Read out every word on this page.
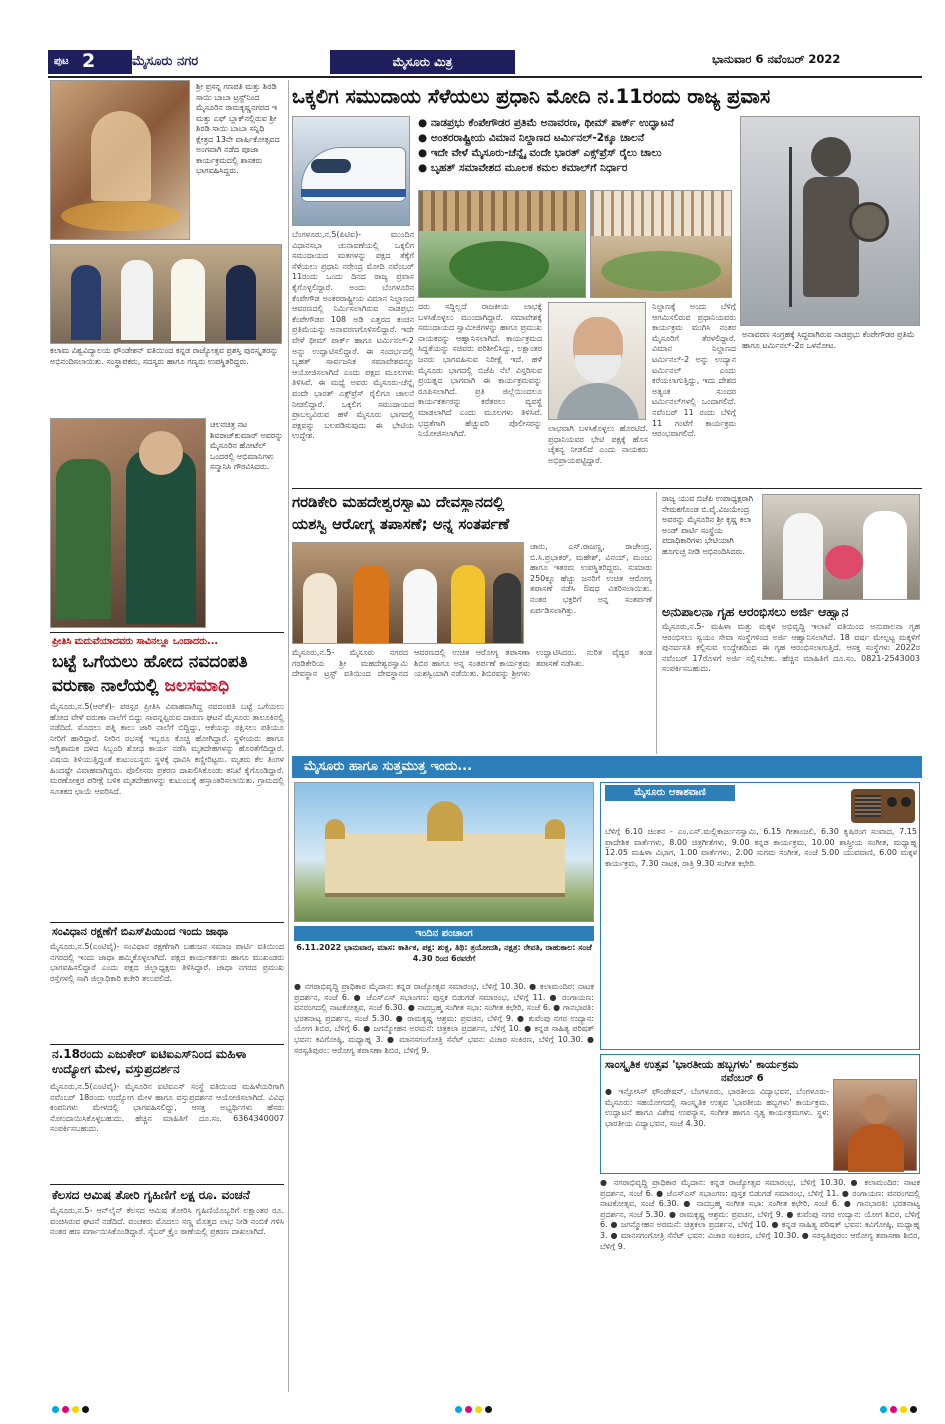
ಪುಟ 2	ಮೈಸೂರು ನಗರ	ಮೈಸೂರು ಮಿತ್ರ	ಭಾನುವಾರ 6 ನವೆಂಬರ್ 2022
ಶ್ರೀ ಪ್ರಸನ್ನ ಗಣಪತಿ ಮತ್ತು ಶಿರಡಿ ಸಾಯಿ ಬಾಬಾ ಟ್ರಸ್ಟ್‌ನಿಂದ ಮೈಸೂರಿನ ರಾಮಕೃಷ್ಣನಗರದ ಇ ಮತ್ತು ಎಫ್ ಬ್ಲಾಕ್‌ನಲ್ಲಿರುವ ಶ್ರೀ ಶಿರಡಿ ಸಾಯಿ ಬಾಬಾ ಸನ್ನಿಧಿ ಕ್ಷೇತ್ರದ 13ನೇ ವಾರ್ಷಿಕೋತ್ಸವದ ಅಂಗವಾಗಿ ನಡೆದ ಪೂಜಾ ಕಾರ್ಯಕ್ರಮದಲ್ಲಿ ಶಾಸಕರು ಭಾಗವಹಿಸಿದ್ದರು.
ಕಲಾಮ ವಿಶ್ವವಿದ್ಯಾಲಯ ಫೌಂಡೇಶನ್ ವತಿಯಿಂದ ಕನ್ನಡ ರಾಜ್ಯೋತ್ಸವ ಪ್ರಶಸ್ತಿ ಪುರಸ್ಕೃತರನ್ನು ಅಭಿನಂದಿಸಲಾಯಿತು. ಸಂಸ್ಥಾಪಕರು, ಸದಸ್ಯರು ಹಾಗೂ ಗಣ್ಯರು ಉಪಸ್ಥಿತರಿದ್ದರು.
ಚಲನಚಿತ್ರ ನಟ ಶಿವರಾಜ್‌ಕುಮಾರ್ ಅವರನ್ನು ಮೈಸೂರಿನ ಹೋಟೆಲ್ ಒಂದರಲ್ಲಿ ಅಭಿಮಾನಿಗಳು ಸನ್ಮಾನಿಸಿ ಗೌರವಿಸಿದರು.
ಪ್ರೀತಿಸಿ ಮದುವೆಯಾದವರು ಸಾವಿನಲ್ಲೂ ಒಂದಾದರು...
ಬಟ್ಟೆ ಒಗೆಯಲು ಹೋದ ನವದಂಪತಿ
ವರುಣಾ ನಾಲೆಯಲ್ಲಿ ಜಲಸಮಾಧಿ
ಮೈಸೂರು,ನ.5(ಆರ್‌ಕೆ)- ಪರಸ್ಪರ ಪ್ರೀತಿಸಿ ವಿವಾಹವಾಗಿದ್ದ ನವದಂಪತಿ ಬಟ್ಟೆ ಒಗೆಯಲು ಹೋದ ವೇಳೆ ವರುಣಾ ನಾಲೆಗೆ ಬಿದ್ದು ಸಾವನ್ನಪ್ಪಿರುವ ದಾರುಣ ಘಟನೆ ಮೈಸೂರು ತಾಲೂಕಿನಲ್ಲಿ ನಡೆದಿದೆ. ಮೊದಲು ಪತ್ನಿ ಕಾಲು ಜಾರಿ ನಾಲೆಗೆ ಬಿದ್ದಿದ್ದು, ಆಕೆಯನ್ನು ರಕ್ಷಿಸಲು ಪತಿಯೂ ನೀರಿಗೆ ಹಾರಿದ್ದಾರೆ. ನೀರಿನ ರಭಸಕ್ಕೆ ಇಬ್ಬರೂ ಕೊಚ್ಚಿ ಹೋಗಿದ್ದಾರೆ. ಸ್ಥಳೀಯರು ಹಾಗೂ ಅಗ್ನಿಶಾಮಕ ದಳದ ಸಿಬ್ಬಂದಿ ಶೋಧ ಕಾರ್ಯ ನಡೆಸಿ ಮೃತದೇಹಗಳನ್ನು ಹೊರತೆಗೆದಿದ್ದಾರೆ. ವಿಷಯ ತಿಳಿಯುತ್ತಿದ್ದಂತೆ ಕುಟುಂಬಸ್ಥರು ಸ್ಥಳಕ್ಕೆ ಧಾವಿಸಿ ಕಣ್ಣೀರಿಟ್ಟರು. ಮೃತರು ಕೆಲ ತಿಂಗಳ ಹಿಂದಷ್ಟೇ ವಿವಾಹವಾಗಿದ್ದರು. ಪೊಲೀಸರು ಪ್ರಕರಣ ದಾಖಲಿಸಿಕೊಂಡು ತನಿಖೆ ಕೈಗೊಂಡಿದ್ದಾರೆ. ಮರಣೋತ್ತರ ಪರೀಕ್ಷೆ ಬಳಿಕ ಮೃತದೇಹಗಳನ್ನು ಕುಟುಂಬಕ್ಕೆ ಹಸ್ತಾಂತರಿಸಲಾಯಿತು. ಗ್ರಾಮದಲ್ಲಿ ಸೂತಕದ ಛಾಯೆ ಆವರಿಸಿದೆ.
ಸಂವಿಧಾನ ರಕ್ಷಣೆಗೆ ಬಿಎಸ್‌ಪಿಯಿಂದ ಇಂದು ಜಾಥಾ
ಮೈಸೂರು,ನ.5(ಎಂಟಿವೈ)- ಸಂವಿಧಾನ ರಕ್ಷಣೆಗಾಗಿ ಬಹುಜನ ಸಮಾಜ ಪಾರ್ಟಿ ವತಿಯಿಂದ ನಗರದಲ್ಲಿ ಇಂದು ಜಾಥಾ ಹಮ್ಮಿಕೊಳ್ಳಲಾಗಿದೆ. ಪಕ್ಷದ ಕಾರ್ಯಕರ್ತರು ಹಾಗೂ ಮುಖಂಡರು ಭಾಗವಹಿಸಲಿದ್ದಾರೆ ಎಂದು ಪಕ್ಷದ ಜಿಲ್ಲಾಧ್ಯಕ್ಷರು ತಿಳಿಸಿದ್ದಾರೆ. ಜಾಥಾ ನಗರದ ಪ್ರಮುಖ ರಸ್ತೆಗಳಲ್ಲಿ ಸಾಗಿ ಜಿಲ್ಲಾಧಿಕಾರಿ ಕಚೇರಿ ತಲುಪಲಿದೆ.
ನ.18ರಂದು ಎಜುಕೇರ್ ಐಟಿಐಎಸ್‌ನಿಂದ ಮಹಿಳಾ ಉದ್ಯೋಗ ಮೇಳ, ವಸ್ತುಪ್ರದರ್ಶನ
ಮೈಸೂರು,ನ.5(ಎಂಟಿವೈ)- ಮೈಸೂರಿನ ಐಟಿಐಎಸ್ ಸಂಸ್ಥೆ ವತಿಯಿಂದ ಮಹಿಳೆಯರಿಗಾಗಿ ನವೆಂಬರ್ 18ರಂದು ಉದ್ಯೋಗ ಮೇಳ ಹಾಗೂ ವಸ್ತುಪ್ರದರ್ಶನ ಆಯೋಜಿಸಲಾಗಿದೆ. ವಿವಿಧ ಕಂಪನಿಗಳು ಮೇಳದಲ್ಲಿ ಭಾಗವಹಿಸಲಿದ್ದು, ಆಸಕ್ತ ಅಭ್ಯರ್ಥಿಗಳು ಹೆಸರು ನೋಂದಾಯಿಸಿಕೊಳ್ಳಬಹುದು. ಹೆಚ್ಚಿನ ಮಾಹಿತಿಗೆ ದೂ.ಸಂ. 6364340007 ಸಂಪರ್ಕಿಸಬಹುದು.
ಕೆಲಸದ ಆಮಿಷ ತೋರಿ ಗೃಹಿಣಿಗೆ ಲಕ್ಷ ರೂ. ವಂಚನೆ
ಮೈಸೂರು,ನ.5- ಆನ್‌ಲೈನ್ ಕೆಲಸದ ಆಮಿಷ ತೋರಿಸಿ ಗೃಹಿಣಿಯೊಬ್ಬರಿಗೆ ಲಕ್ಷಾಂತರ ರೂ. ವಂಚಿಸಿರುವ ಘಟನೆ ನಡೆದಿದೆ. ವಂಚಕರು ಮೊದಲು ಸಣ್ಣ ಮೊತ್ತದ ಲಾಭ ನೀಡಿ ನಂಬಿಕೆ ಗಳಿಸಿ ನಂತರ ಹಣ ವರ್ಗಾಯಿಸಿಕೊಂಡಿದ್ದಾರೆ. ಸೈಬರ್ ಕ್ರೈಂ ಠಾಣೆಯಲ್ಲಿ ಪ್ರಕರಣ ದಾಖಲಾಗಿದೆ.
ಒಕ್ಕಲಿಗ ಸಮುದಾಯ ಸೆಳೆಯಲು ಪ್ರಧಾನಿ ಮೋದಿ ನ.11ರಂದು ರಾಜ್ಯ ಪ್ರವಾಸ
● ನಾಡಪ್ರಭು ಕೆಂಪೇಗೌಡರ ಪ್ರತಿಮೆ ಅನಾವರಣ, ಥೀಮ್ ಪಾರ್ಕ್ ಉದ್ಘಾಟನೆ
● ಅಂತರರಾಷ್ಟ್ರೀಯ ವಿಮಾನ ನಿಲ್ದಾಣದ ಟರ್ಮಿನಲ್-2ಕ್ಕೂ ಚಾಲನೆ
● ಇದೇ ವೇಳೆ ಮೈಸೂರು-ಚೆನ್ನೈ ವಂದೇ ಭಾರತ್ ಎಕ್ಸ್‌ಪ್ರೆಸ್ ರೈಲು ಚಾಲು
● ಬೃಹತ್ ಸಮಾವೇಶದ ಮೂಲಕ ಕಮಲ ಕಮಾಲ್‌ಗೆ ನಿರ್ಧಾರ
ಅನಾವರಣ ಸಂಗ್ರಹಕ್ಕೆ ಸಿದ್ಧವಾಗಿರುವ ನಾಡಪ್ರಭು ಕೆಂಪೇಗೌಡರ ಪ್ರತಿಮೆ ಹಾಗೂ ಟರ್ಮಿನಲ್-2ರ ಒಳನೋಟ.
ಬೆಂಗಳೂರು,ನ.5(ಪಿಟಿಐ)- ಮುಂದಿನ ವಿಧಾನಸಭಾ ಚುನಾವಣೆಯಲ್ಲಿ ಒಕ್ಕಲಿಗ ಸಮುದಾಯದ ಮತಗಳನ್ನು ಪಕ್ಷದ ತೆಕ್ಕೆಗೆ ಸೆಳೆಯಲು ಪ್ರಧಾನಿ ನರೇಂದ್ರ ಮೋದಿ ನವೆಂಬರ್ 11ರಂದು ಒಂದು ದಿನದ ರಾಜ್ಯ ಪ್ರವಾಸ ಕೈಗೊಳ್ಳಲಿದ್ದಾರೆ. ಅಂದು ಬೆಂಗಳೂರಿನ ಕೆಂಪೇಗೌಡ ಅಂತರರಾಷ್ಟ್ರೀಯ ವಿಮಾನ ನಿಲ್ದಾಣದ ಆವರಣದಲ್ಲಿ ನಿರ್ಮಿಸಲಾಗಿರುವ ನಾಡಪ್ರಭು ಕೆಂಪೇಗೌಡರ 108 ಅಡಿ ಎತ್ತರದ ಕಂಚಿನ ಪ್ರತಿಮೆಯನ್ನು ಅನಾವರಣಗೊಳಿಸಲಿದ್ದಾರೆ. ಇದೇ ವೇಳೆ ಥೀಮ್ ಪಾರ್ಕ್ ಹಾಗೂ ಟರ್ಮಿನಲ್-2 ಅನ್ನು ಉದ್ಘಾಟಿಸಲಿದ್ದಾರೆ. ಈ ಸಂದರ್ಭದಲ್ಲಿ ಬೃಹತ್ ಸಾರ್ವಜನಿಕ ಸಮಾವೇಶವನ್ನೂ ಆಯೋಜಿಸಲಾಗಿದೆ ಎಂದು ಪಕ್ಷದ ಮೂಲಗಳು ತಿಳಿಸಿವೆ. ಈ ಮಧ್ಯೆ ಅವರು ಮೈಸೂರು-ಚೆನ್ನೈ ವಂದೇ ಭಾರತ್ ಎಕ್ಸ್‌ಪ್ರೆಸ್ ರೈಲಿಗೂ ಚಾಲನೆ ನೀಡಲಿದ್ದಾರೆ. ಒಕ್ಕಲಿಗ ಸಮುದಾಯದ ಪ್ರಾಬಲ್ಯವಿರುವ ಹಳೆ ಮೈಸೂರು ಭಾಗದಲ್ಲಿ ಪಕ್ಷವನ್ನು ಬಲಪಡಿಸುವುದು ಈ ಭೇಟಿಯ ಉದ್ದೇಶ.
ದರು ಸದ್ದಿಲ್ಲದೆ ರಾಜಕೀಯ ಲಾಭಕ್ಕೆ ಬಳಸಿಕೊಳ್ಳಲು ಮುಂದಾಗಿದ್ದಾರೆ. ಸಮಾವೇಶಕ್ಕೆ ಸಮುದಾಯದ ಸ್ವಾಮೀಜಿಗಳನ್ನು ಹಾಗೂ ಪ್ರಮುಖ ನಾಯಕರನ್ನು ಆಹ್ವಾನಿಸಲಾಗಿದೆ. ಕಾರ್ಯಕ್ರಮದ ಸಿದ್ಧತೆಯನ್ನು ಸಚಿವರು ಪರಿಶೀಲಿಸಿದ್ದು, ಲಕ್ಷಾಂತರ ಜನರು ಭಾಗವಹಿಸುವ ನಿರೀಕ್ಷೆ ಇದೆ. ಹಳೆ ಮೈಸೂರು ಭಾಗದಲ್ಲಿ ಬಿಜೆಪಿ ನೆಲೆ ವಿಸ್ತರಿಸುವ ಪ್ರಯತ್ನದ ಭಾಗವಾಗಿ ಈ ಕಾರ್ಯಕ್ರಮವನ್ನು ರೂಪಿಸಲಾಗಿದೆ. ಪ್ರತಿ ಜಿಲ್ಲೆಯಿಂದಲೂ ಕಾರ್ಯಕರ್ತರನ್ನು ಕರೆತರಲು ವ್ಯವಸ್ಥೆ ಮಾಡಲಾಗಿದೆ ಎಂದು ಮೂಲಗಳು ತಿಳಿಸಿವೆ. ಭದ್ರತೆಗಾಗಿ ಹೆಚ್ಚುವರಿ ಪೊಲೀಸರನ್ನು ನಿಯೋಜಿಸಲಾಗಿದೆ.
ಲಾಭವಾಗಿ ಬಳಸಿಕೊಳ್ಳಲು ಹೊರಟಿದೆ. ಪ್ರಧಾನಿಯವರ ಭೇಟಿ ಪಕ್ಷಕ್ಕೆ ಹೊಸ ಚೈತನ್ಯ ನೀಡಲಿದೆ ಎಂದು ನಾಯಕರು ಅಭಿಪ್ರಾಯಪಟ್ಟಿದ್ದಾರೆ.
ನಿಲ್ದಾಣಕ್ಕೆ ಅಂದು ಬೆಳಿಗ್ಗೆ ಆಗಮಿಸಲಿರುವ ಪ್ರಧಾನಿಯವರು ಕಾರ್ಯಕ್ರಮ ಮುಗಿಸಿ ನಂತರ ಮೈಸೂರಿಗೆ ತೆರಳಲಿದ್ದಾರೆ. ವಿಮಾನ ನಿಲ್ದಾಣದ ಟರ್ಮಿನಲ್-2 ಅನ್ನು ಉದ್ಯಾನ ಟರ್ಮಿನಲ್ ಎಂದು ಕರೆಯಲಾಗುತ್ತಿದ್ದು, ಇದು ದೇಶದ ಅತ್ಯಂತ ಸುಂದರ ಟರ್ಮಿನಲ್‌ಗಳಲ್ಲಿ ಒಂದಾಗಲಿದೆ. ನವೆಂಬರ್ 11 ರಂದು ಬೆಳಿಗ್ಗೆ 11 ಗಂಟೆಗೆ ಕಾರ್ಯಕ್ರಮ ಆರಂಭವಾಗಲಿದೆ.
ಗರಡಿಕೇರಿ ಮಹದೇಶ್ವರಸ್ವಾಮಿ ದೇವಸ್ಥಾನದಲ್ಲಿ
ಯಶಸ್ವಿ ಆರೋಗ್ಯ ತಪಾಸಣೆ; ಅನ್ನ ಸಂತರ್ಪಣೆ
ಚಾರು, ಎಸ್.ರಾಜಣ್ಣ, ರಾಜೇಂದ್ರ, ಬಿ.ಸಿ.ಪ್ರಭಾಕರ್, ಮಹೇಶ್, ವಿನಯ್, ಮಂಜು ಹಾಗೂ ಇತರರು ಉಪಸ್ಥಿತರಿದ್ದರು. ಸುಮಾರು 250ಕ್ಕೂ ಹೆಚ್ಚು ಜನರಿಗೆ ಉಚಿತ ಆರೋಗ್ಯ ತಪಾಸಣೆ ನಡೆಸಿ ಔಷಧ ವಿತರಿಸಲಾಯಿತು. ನಂತರ ಭಕ್ತರಿಗೆ ಅನ್ನ ಸಂತರ್ಪಣೆ ಏರ್ಪಡಿಸಲಾಗಿತ್ತು.
ಮೈಸೂರು,ನ.5- ಮೈಸೂರು ನಗರದ ಗರಡಿಕೇರಿಯ ಶ್ರೀ ಮಹದೇಶ್ವರಸ್ವಾಮಿ ದೇವಸ್ಥಾನ ಟ್ರಸ್ಟ್ ವತಿಯಿಂದ ದೇವಸ್ಥಾನದ ಆವರಣದಲ್ಲಿ ಉಚಿತ ಆರೋಗ್ಯ ತಪಾಸಣಾ ಶಿಬಿರ ಹಾಗೂ ಅನ್ನ ಸಂತರ್ಪಣೆ ಕಾರ್ಯಕ್ರಮ ಯಶಸ್ವಿಯಾಗಿ ನಡೆಯಿತು. ಶಿಬಿರವನ್ನು ಶ್ರೀಗಳು ಉದ್ಘಾಟಿಸಿದರು. ನುರಿತ ವೈದ್ಯರ ತಂಡ ತಪಾಸಣೆ ನಡೆಸಿತು.
ರಾಜ್ಯ ಯುವ ಬಿಜೆಪಿ ಉಪಾಧ್ಯಕ್ಷರಾಗಿ ನೇಮಕಗೊಂಡ ಬಿ.ವೈ.ವಿಜಯೇಂದ್ರ ಅವರನ್ನು ಮೈಸೂರಿನ ಶ್ರೀ ಕೃಷ್ಣ ಕಲಾ ಅಂಡ್ ಪಾರ್ಟಿ ಸಂಸ್ಥೆಯ ಪದಾಧಿಕಾರಿಗಳು ಭೇಟಿಯಾಗಿ ಹೂಗುಚ್ಛ ನೀಡಿ ಅಭಿನಂದಿಸಿದರು.
ಅನುಪಾಲನಾ ಗೃಹ ಆರಂಭಿಸಲು ಅರ್ಜಿ ಆಹ್ವಾನ
ಮೈಸೂರು,ನ.5- ಮಹಿಳಾ ಮತ್ತು ಮಕ್ಕಳ ಅಭಿವೃದ್ಧಿ ಇಲಾಖೆ ವತಿಯಿಂದ ಅನುಪಾಲನಾ ಗೃಹ ಆರಂಭಿಸಲು ಸ್ವಯಂ ಸೇವಾ ಸಂಸ್ಥೆಗಳಿಂದ ಅರ್ಜಿ ಆಹ್ವಾನಿಸಲಾಗಿದೆ. 18 ವರ್ಷ ಮೇಲ್ಪಟ್ಟ ಮಕ್ಕಳಿಗೆ ಪುನರ್ವಸತಿ ಕಲ್ಪಿಸುವ ಉದ್ದೇಶದಿಂದ ಈ ಗೃಹ ಆರಂಭಿಸಲಾಗುತ್ತಿದೆ. ಆಸಕ್ತ ಸಂಸ್ಥೆಗಳು 2022ರ ನವೆಂಬರ್ 17ರೊಳಗೆ ಅರ್ಜಿ ಸಲ್ಲಿಸಬೇಕು. ಹೆಚ್ಚಿನ ಮಾಹಿತಿಗೆ ದೂ.ಸಂ. 0821-2543003 ಸಂಪರ್ಕಿಸಬಹುದು.
ಮೈಸೂರು ಹಾಗೂ ಸುತ್ತಮುತ್ತ ಇಂದು...
ಇಂದಿನ ಪಂಚಾಂಗ
6.11.2022 ಭಾನುವಾರ, ಮಾಸ: ಕಾರ್ತಿಕ, ಪಕ್ಷ: ಶುಕ್ಲ, ತಿಥಿ: ತ್ರಯೋದಶಿ, ನಕ್ಷತ್ರ: ರೇವತಿ, ರಾಹುಕಾಲ: ಸಂಜೆ 4.30 ರಿಂದ 6ರವರೆಗೆ
● ನಗರಾಭಿವೃದ್ಧಿ ಪ್ರಾಧಿಕಾರ ಮೈದಾನ: ಕನ್ನಡ ರಾಜ್ಯೋತ್ಸವ ಸಮಾರಂಭ, ಬೆಳಿಗ್ಗೆ 10.30. ● ಕಲಾಮಂದಿರ: ನಾಟಕ ಪ್ರದರ್ಶನ, ಸಂಜೆ 6. ● ಜೆಎಸ್‌ಎಸ್ ಸಭಾಂಗಣ: ಪುಸ್ತಕ ಬಿಡುಗಡೆ ಸಮಾರಂಭ, ಬೆಳಿಗ್ಗೆ 11. ● ರಂಗಾಯಣ: ವನರಂಗದಲ್ಲಿ ನಾಟಕೋತ್ಸವ, ಸಂಜೆ 6.30. ● ನಾದಬ್ರಹ್ಮ ಸಂಗೀತ ಸಭಾ: ಸಂಗೀತ ಕಛೇರಿ, ಸಂಜೆ 6. ● ಗಾನಭಾರತಿ: ಭರತನಾಟ್ಯ ಪ್ರದರ್ಶನ, ಸಂಜೆ 5.30. ● ರಾಮಕೃಷ್ಣ ಆಶ್ರಮ: ಪ್ರವಚನ, ಬೆಳಿಗ್ಗೆ 9. ● ಕುವೆಂಪು ನಗರ ಉದ್ಯಾನ: ಯೋಗ ಶಿಬಿರ, ಬೆಳಿಗ್ಗೆ 6. ● ಜಗನ್ಮೋಹನ ಅರಮನೆ: ಚಿತ್ರಕಲಾ ಪ್ರದರ್ಶನ, ಬೆಳಿಗ್ಗೆ 10. ● ಕನ್ನಡ ಸಾಹಿತ್ಯ ಪರಿಷತ್ ಭವನ: ಕವಿಗೋಷ್ಠಿ, ಮಧ್ಯಾಹ್ನ 3. ● ಮಾನಸಗಂಗೋತ್ರಿ ಸೆನೆಟ್ ಭವನ: ವಿಚಾರ ಸಂಕಿರಣ, ಬೆಳಿಗ್ಗೆ 10.30. ● ಸರಸ್ವತಿಪುರಂ: ಆರೋಗ್ಯ ತಪಾಸಣಾ ಶಿಬಿರ, ಬೆಳಿಗ್ಗೆ 9.
ಮೈಸೂರು ಆಕಾಶವಾಣಿ
ಬೆಳಿಗ್ಗೆ 6.10 ಚಿಂತನ - ಎಂ.ಎಸ್.ಮಲ್ಲಿಕಾರ್ಜುನಸ್ವಾಮಿ, 6.15 ಗೀತಾಂಜಲಿ, 6.30 ಕೃಷಿರಂಗ ಸಂವಾದ, 7.15 ಪ್ರಾದೇಶಿಕ ವಾರ್ತೆಗಳು, 8.00 ಚಿತ್ರಗೀತೆಗಳು, 9.00 ಕನ್ನಡ ಕಾರ್ಯಕ್ರಮ, 10.00 ಶಾಸ್ತ್ರೀಯ ಸಂಗೀತ, ಮಧ್ಯಾಹ್ನ 12.05 ಮಹಿಳಾ ವಿಭಾಗ, 1.00 ವಾರ್ತೆಗಳು, 2.00 ಸುಗಮ ಸಂಗೀತ, ಸಂಜೆ 5.00 ಯುವವಾಣಿ, 6.00 ಮಕ್ಕಳ ಕಾರ್ಯಕ್ರಮ, 7.30 ನಾಟಕ, ರಾತ್ರಿ 9.30 ಸಂಗೀತ ಕಛೇರಿ.
ಸಾಂಸ್ಕೃತಿಕ ಉತ್ಸವ 'ಭಾರತೀಯ ಹಬ್ಬಗಳು' ಕಾರ್ಯಕ್ರಮ
ನವೆಂಬರ್ 6
● ಇನ್ಫೋಸಿಸ್ ಫೌಂಡೇಷನ್, ಬೆಂಗಳೂರು, ಭಾರತೀಯ ವಿದ್ಯಾಭವನ, ಬೆಂಗಳೂರು-ಮೈಸೂರು: ಸಹಯೋಗದಲ್ಲಿ ಸಾಂಸ್ಕೃತಿಕ ಉತ್ಸವ 'ಭಾರತೀಯ ಹಬ್ಬಗಳು' ಕಾರ್ಯಕ್ರಮ. ಉದ್ಘಾಟನೆ ಹಾಗೂ ವಿಶೇಷ ಉಪನ್ಯಾಸ, ಸಂಗೀತ ಹಾಗೂ ನೃತ್ಯ ಕಾರ್ಯಕ್ರಮಗಳು. ಸ್ಥಳ: ಭಾರತೀಯ ವಿದ್ಯಾಭವನ, ಸಂಜೆ 4.30.
● ನಗರಾಭಿವೃದ್ಧಿ ಪ್ರಾಧಿಕಾರ ಮೈದಾನ: ಕನ್ನಡ ರಾಜ್ಯೋತ್ಸವ ಸಮಾರಂಭ, ಬೆಳಿಗ್ಗೆ 10.30. ● ಕಲಾಮಂದಿರ: ನಾಟಕ ಪ್ರದರ್ಶನ, ಸಂಜೆ 6. ● ಜೆಎಸ್‌ಎಸ್ ಸಭಾಂಗಣ: ಪುಸ್ತಕ ಬಿಡುಗಡೆ ಸಮಾರಂಭ, ಬೆಳಿಗ್ಗೆ 11. ● ರಂಗಾಯಣ: ವನರಂಗದಲ್ಲಿ ನಾಟಕೋತ್ಸವ, ಸಂಜೆ 6.30. ● ನಾದಬ್ರಹ್ಮ ಸಂಗೀತ ಸಭಾ: ಸಂಗೀತ ಕಛೇರಿ, ಸಂಜೆ 6. ● ಗಾನಭಾರತಿ: ಭರತನಾಟ್ಯ ಪ್ರದರ್ಶನ, ಸಂಜೆ 5.30. ● ರಾಮಕೃಷ್ಣ ಆಶ್ರಮ: ಪ್ರವಚನ, ಬೆಳಿಗ್ಗೆ 9. ● ಕುವೆಂಪು ನಗರ ಉದ್ಯಾನ: ಯೋಗ ಶಿಬಿರ, ಬೆಳಿಗ್ಗೆ 6. ● ಜಗನ್ಮೋಹನ ಅರಮನೆ: ಚಿತ್ರಕಲಾ ಪ್ರದರ್ಶನ, ಬೆಳಿಗ್ಗೆ 10. ● ಕನ್ನಡ ಸಾಹಿತ್ಯ ಪರಿಷತ್ ಭವನ: ಕವಿಗೋಷ್ಠಿ, ಮಧ್ಯಾಹ್ನ 3. ● ಮಾನಸಗಂಗೋತ್ರಿ ಸೆನೆಟ್ ಭವನ: ವಿಚಾರ ಸಂಕಿರಣ, ಬೆಳಿಗ್ಗೆ 10.30. ● ಸರಸ್ವತಿಪುರಂ: ಆರೋಗ್ಯ ತಪಾಸಣಾ ಶಿಬಿರ, ಬೆಳಿಗ್ಗೆ 9.
